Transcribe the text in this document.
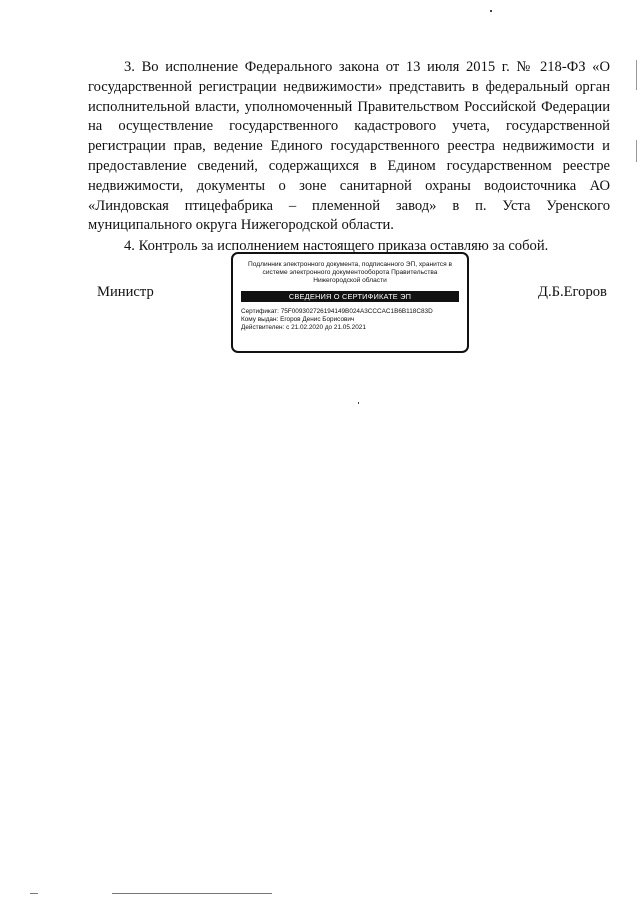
3. Во исполнение Федерального закона от 13 июля 2015 г. № 218-ФЗ «О государственной регистрации недвижимости» представить в федеральный орган исполнительной власти, уполномоченный Правительством Российской Федерации на осуществление государственного кадастрового учета, государственной регистрации прав, ведение Единого государственного реестра недвижимости и предоставление сведений, содержащихся в Едином государственном реестре недвижимости, документы о зоне санитарной охраны водоисточника АО «Линдовская птицефабрика – племенной завод» в п. Уста Уренского муниципального округа Нижегородской области.

4. Контроль за исполнением настоящего приказа оставляю за собой.

Министр	Д.Б.Егоров
Подлинник электронного документа, подписанного ЭП, хранится в системе электронного документооборота Правительства Нижегородской области
СВЕДЕНИЯ О СЕРТИФИКАТЕ ЭП
Сертификат: 75F009302726194149B024A3CCCAC1B6B118C83D
Кому выдан: Егоров Денис Борисович
Действителен: с 21.02.2020 до 21.05.2021
